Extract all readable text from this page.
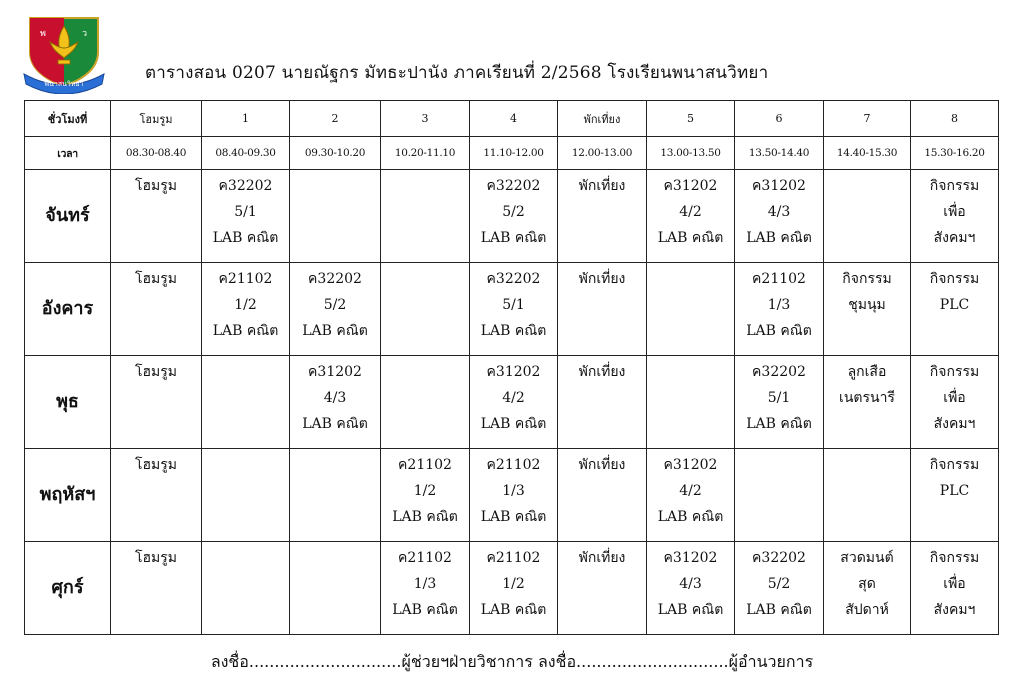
พ	ว
พนาสนวิทยา
ตารางสอน 0207 นายณัฐกร มัทธะปานัง ภาคเรียนที่ 2/2568 โรงเรียนพนาสนวิทยา
ชั่วโมงที่	โฮมรูม	1	2	3	4	พักเที่ยง	5	6	7	8
เวลา	08.30-08.40	08.40-09.30	09.30-10.20	10.20-11.10	11.10-12.00	12.00-13.00	13.00-13.50	13.50-14.40	14.40-15.30	15.30-16.20
จันทร์	โฮมรูม	ค32202
5/1
LAB คณิต			ค32202
5/2
LAB คณิต	พักเที่ยง	ค31202
4/2
LAB คณิต	ค31202
4/3
LAB คณิต		กิจกรรม
เพื่อ
สังคมฯ

อังคาร	โฮมรูม	ค21102
1/2
LAB คณิต	ค32202
5/2
LAB คณิต		ค32202
5/1
LAB คณิต	พักเที่ยง		ค21102
1/3
LAB คณิต	กิจกรรม
ชุมนุม	กิจกรรม
PLC

พุธ	โฮมรูม		ค31202
4/3
LAB คณิต		ค31202
4/2
LAB คณิต	พักเที่ยง		ค32202
5/1
LAB คณิต	ลูกเสือ
เนตรนารี	กิจกรรม
เพื่อ
สังคมฯ

พฤหัสฯ	โฮมรูม			ค21102
1/2
LAB คณิต	ค21102
1/3
LAB คณิต	พักเที่ยง	ค31202
4/2
LAB คณิต			กิจกรรม
PLC

ศุกร์	โฮมรูม			ค21102
1/3
LAB คณิต	ค21102
1/2
LAB คณิต	พักเที่ยง	ค31202
4/3
LAB คณิต	ค32202
5/2
LAB คณิต	สวดมนต์
สุด
สัปดาห์	กิจกรรม
เพื่อ
สังคมฯ
ลงชื่อ..............................ผู้ช่วยฯฝ่ายวิชาการ ลงชื่อ..............................ผู้อำนวยการ
